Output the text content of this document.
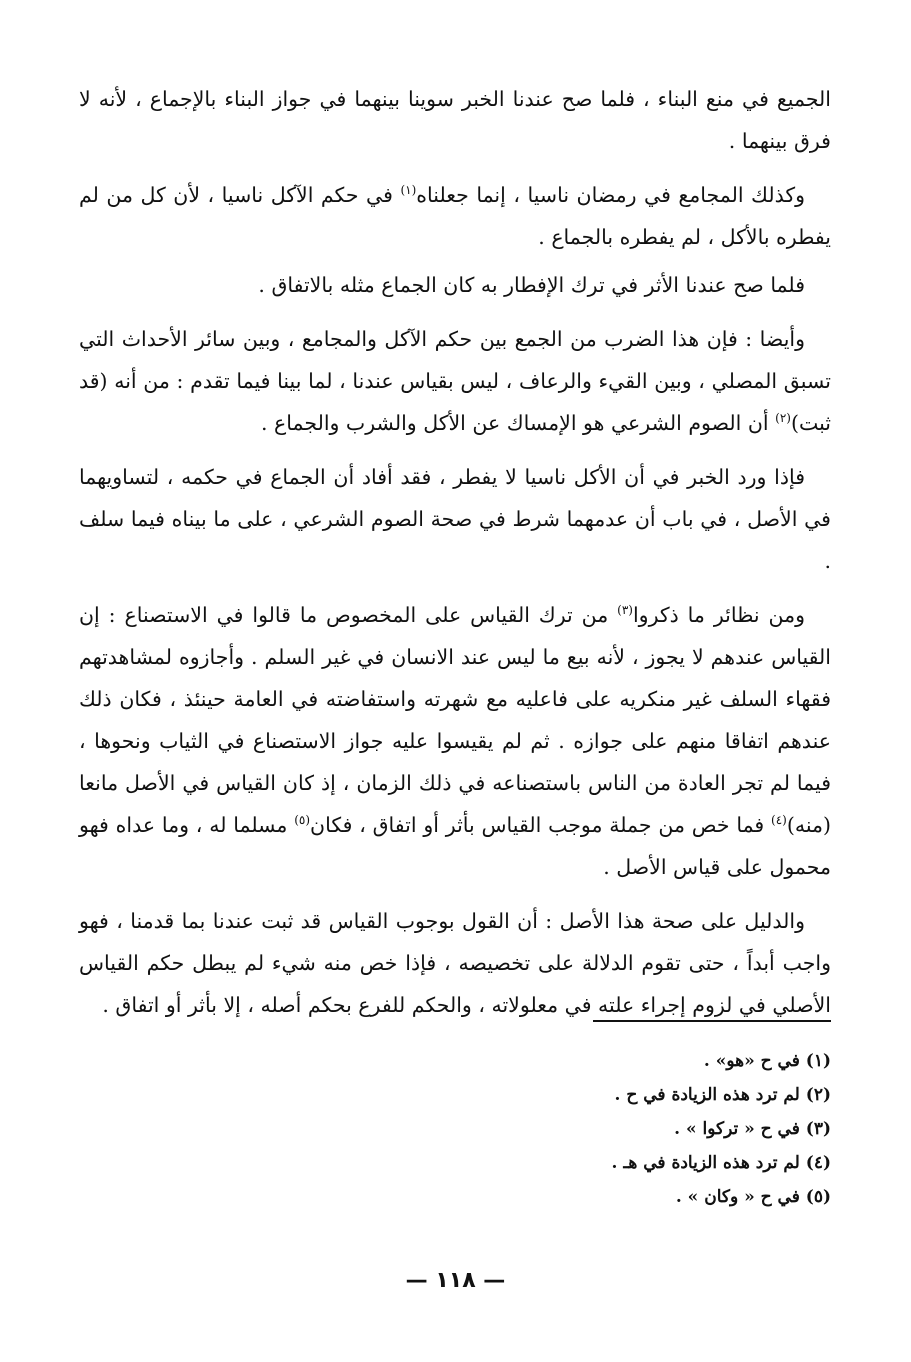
الجميع في منع البناء ، فلما صح عندنا الخبر سوينا بينهما في جواز البناء بالإجماع ، لأنه لا فرق بينهما .

وكذلك المجامع في رمضان ناسيا ، إنما جعلناه$^{(١)}$ في حكم الآكل ناسيا ، لأن كل من لم يفطره بالأكل ، لم يفطره بالجماع .

فلما صح عندنا الأثر في ترك الإفطار به كان الجماع مثله بالاتفاق .

وأيضا : فإن هذا الضرب من الجمع بين حكم الآكل والمجامع ، وبين سائر الأحداث التي تسبق المصلي ، وبين القيء والرعاف ، ليس بقياس عندنا ، لما بينا فيما تقدم : من أنه (قد ثبت)$^{(٢)}$ أن الصوم الشرعي هو الإمساك عن الأكل والشرب والجماع .

فإذا ورد الخبر في أن الأكل ناسيا لا يفطر ، فقد أفاد أن الجماع في حكمه ، لتساويهما في الأصل ، في باب أن عدمهما شرط في صحة الصوم الشرعي ، على ما بيناه فيما سلف .

ومن نظائر ما ذكروا$^{(٣)}$ من ترك القياس على المخصوص ما قالوا في الاستصناع : إن القياس عندهم لا يجوز ، لأنه بيع ما ليس عند الانسان في غير السلم . وأجازوه لمشاهدتهم فقهاء السلف غير منكريه على فاعليه مع شهرته واستفاضته في العامة حينئذ ، فكان ذلك عندهم اتفاقا منهم على جوازه . ثم لم يقيسوا عليه جواز الاستصناع في الثياب ونحوها ، فيما لم تجر العادة من الناس باستصناعه في ذلك الزمان ، إذ كان القياس في الأصل مانعا (منه)$^{(٤)}$ فما خص من جملة موجب القياس بأثر أو اتفاق ، فكان$^{(٥)}$ مسلما له ، وما عداه فهو محمول على قياس الأصل .

والدليل على صحة هذا الأصل : أن القول بوجوب القياس قد ثبت عندنا بما قدمنا ، فهو واجب أبداً ، حتى تقوم الدلالة على تخصيصه ، فإذا خص منه شيء لم يبطل حكم القياس الأصلي في لزوم إجراء علته في معلولاته ، والحكم للفرع بحكم أصله ، إلا بأثر أو اتفاق .

(١) في ح «هو» .

(٢) لم ترد هذه الزيادة في ح .

(٣) في ح « تركوا » .

(٤) لم ترد هذه الزيادة في هـ .

(٥) في ح « وكان » .

— ١١٨ —
